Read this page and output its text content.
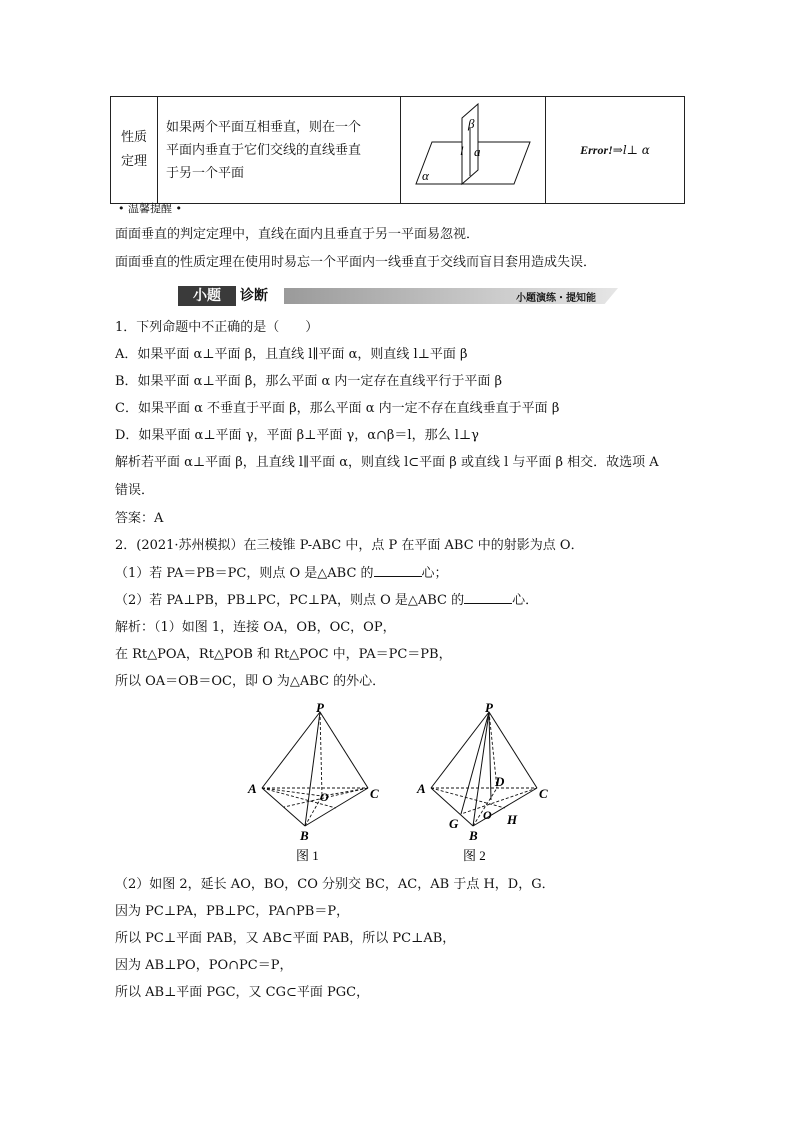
性质
定理

如果两个平面互相垂直，则在一个
平面内垂直于它们交线的直线垂直
于另一个平面

β
l a
α
	Error!⇒l⊥ α
• 温馨提醒 •
面面垂直的判定定理中，直线在面内且垂直于另一平面易忽视．
面面垂直的性质定理在使用时易忘一个平面内一线垂直于交线而盲目套用造成失误．
小题	诊断	小题演练・提知能
1．下列命题中不正确的是（　　）
A．如果平面 α⊥平面 β，且直线 l∥平面 α，则直线 l⊥平面 β
B．如果平面 α⊥平面 β，那么平面 α 内一定存在直线平行于平面 β
C．如果平面 α 不垂直于平面 β，那么平面 α 内一定不存在直线垂直于平面 β
D．如果平面 α⊥平面 γ，平面 β⊥平面 γ，α∩β＝l，那么 l⊥γ
解析若平面 α⊥平面 β，且直线 l∥平面 α，则直线 l⊂平面 β 或直线 l 与平面 β 相交．故选项 A
错误．
答案：A
2．(2021·苏州模拟）在三棱锥 P-ABC 中，点 P 在平面 ABC 中的射影为点 O．
（1）若 PA＝PB＝PC，则点 O 是△ABC 的	心；
（2）若 PA⊥PB，PB⊥PC，PC⊥PA，则点 O 是△ABC 的	心．
解析：（1）如图 1，连接 OA，OB，OC，OP，
在 Rt△POA，Rt△POB 和 Rt△POC 中，PA＝PC＝PB，
所以 OA＝OB＝OC，即 O 为△ABC 的外心．
P
A
B
C
O
图 1
P
A
B
C
O
D
G	H
图 2
（2）如图 2，延长 AO，BO，CO 分别交 BC，AC，AB 于点 H，D，G．
因为 PC⊥PA，PB⊥PC，PA∩PB＝P，
所以 PC⊥平面 PAB，又 AB⊂平面 PAB，所以 PC⊥AB，
因为 AB⊥PO，PO∩PC＝P，
所以 AB⊥平面 PGC，又 CG⊂平面 PGC，
